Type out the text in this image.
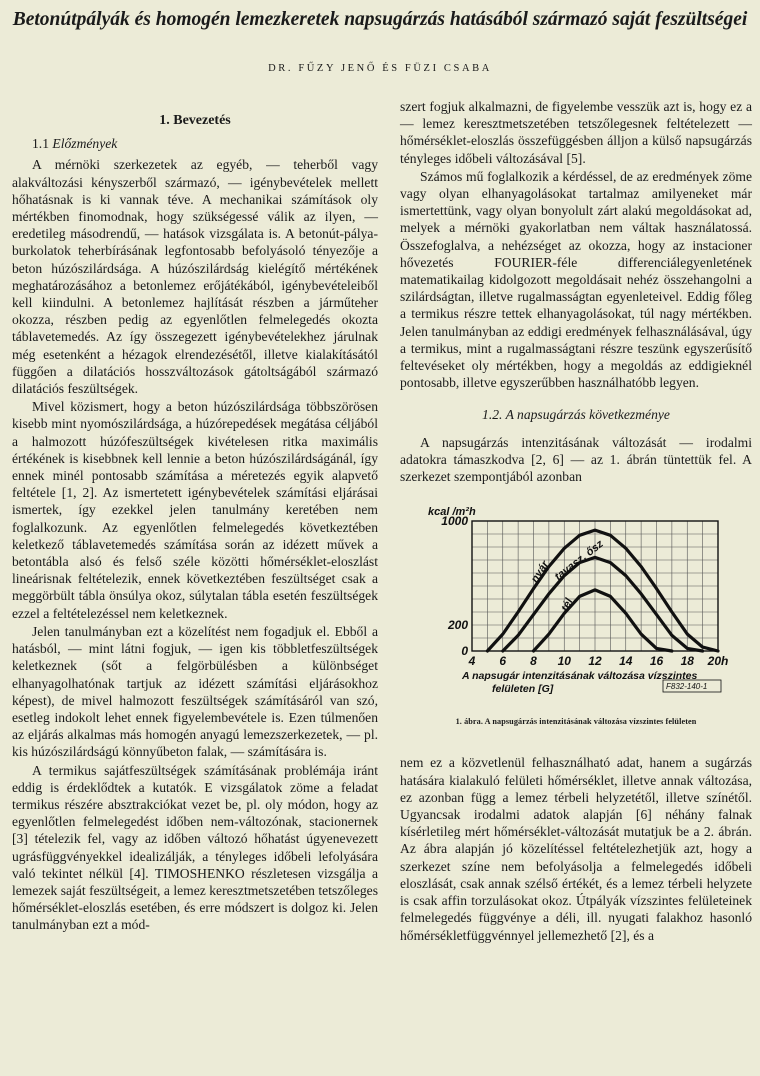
Betonútpályák és homogén lemezkeretek napsugárzás hatásából származó saját feszültségei
DR. FŰZY JENŐ ÉS FÜZI CSABA
1. Bevezetés
1.1 Előzmények

A mérnöki szerkezetek az egyéb, — teherből vagy alakváltozási kényszerből származó, — igénybevételek mellett hőhatásnak is ki vannak téve. A mechanikai számítások oly mértékben finomodnak, hogy szükségessé válik az ilyen, — eredetileg másodrendű, — hatások vizsgálata is. A betonút-pálya- burkolatok teherbírásának legfontosabb befolyásoló tényezője a beton húzószilárdsága. A húzószilárdság kielégítő mértékének meghatározásához a betonlemez erőjátékából, igénybevételeiből kell kiindulni. A betonlemez hajlítását részben a járműteher okozza, részben pedig az egyenlőtlen felmelegedés okozta táblavetemedés. Az így összegezett igénybevételekhez járulnak még esetenként a hézagok elrendezésétől, illetve kialakításától függően a dilatációs hosszváltozások gátoltságából származó dilatációs feszültségek.

Mivel közismert, hogy a beton húzószilárdsága többszörösen kisebb mint nyomószilárdsága, a húzórepedések megátása céljából a halmozott húzófeszültségek kivételesen ritka maximális értékének is kisebbnek kell lennie a beton húzószilárdságánál, így ennek minél pontosabb számítása a méretezés egyik alapvető feltétele [1, 2]. Az ismertetett igénybevételek számítási eljárásai ismertek, így ezekkel jelen tanulmány keretében nem foglalkozunk. Az egyenlőtlen felmelegedés következtében keletkező táblavetemedés számítása során az idézett művek a betontábla alsó és felső széle közötti hőmérséklet-eloszlást lineárisnak feltételezik, ennek következtében feszültséget csak a meggörbült tábla önsúlya okoz, súlytalan tábla esetén feszültségek ezzel a feltételezéssel nem keletkeznek.

Jelen tanulmányban ezt a közelítést nem fogadjuk el. Ebből a hatásból, — mint látni fogjuk, — igen kis többletfeszültségek keletkeznek (sőt a felgörbülésben a különbséget elhanyagolhatónak tartjuk az idézett számítási eljárásokhoz képest), de mivel halmozott feszültségek számításáról van szó, esetleg indokolt lehet ennek figyelembevétele is. Ezen túlmenően az eljárás alkalmas más homogén anyagú lemezszerkezetek, — pl. kis húzószilárdságú könnyűbeton falak, — számítására is.

A termikus sajátfeszültségek számításának problémája iránt eddig is érdeklődtek a kutatók. E vizsgálatok zöme a feladat termikus részére absztrakciókat vezet be, pl. oly módon, hogy az egyenlőtlen felmelegedést időben nem-változónak, stacionernek [3] tételezik fel, vagy az időben változó hőhatást úgyenevezett ugrásfüggvényekkel idealizálják, a tényleges időbeli lefolyására való tekintet nélkül [4]. TIMOSHENKO részletesen vizsgálja a lemezek saját feszültségeit, a lemez keresztmetszetében tetszőleges hőmérséklet-eloszlás esetében, és erre módszert is dolgoz ki. Jelen tanulmányban ezt a mód-

szert fogjuk alkalmazni, de figyelembe vesszük azt is, hogy ez a — lemez keresztmetszetében tetszőlegesnek feltételezett — hőmérséklet-eloszlás összefüggésben álljon a külső napsugárzás tényleges időbeli változásával [5].

Számos mű foglalkozik a kérdéssel, de az eredmények zöme vagy olyan elhanyagolásokat tartalmaz amilyeneket már ismertettünk, vagy olyan bonyolult zárt alakú megoldásokat ad, melyek a mérnöki gyakorlatban nem váltak használatossá. Összefoglalva, a nehézséget az okozza, hogy az instacioner hővezetés FOURIER-féle differenciálegyenletének matematikailag kidolgozott megoldásait nehéz összehangolni a szilárdságtan, illetve rugalmasságtan egyenleteivel. Eddig főleg a termikus részre tettek elhanyagolásokat, túl nagy mértékben. Jelen tanulmányban az eddigi eredmények felhasználásával, úgy a termikus, mint a rugalmasságtani részre teszünk egyszerűsítő feltevéseket oly mértékben, hogy a megoldás az eddigieknél pontosabb, illetve egyszerűbben használhatóbb legyen.

1.2. A napsugárzás következménye

A napsugárzás intenzitásának változását — irodalmi adatokra támaszkodva [2, 6] — az 1. ábrán tüntettük fel. A szerkezet szempontjából azonban

0
200
1000
4 6 8 10 12 14 16 18 20h
kcal /m²h
A napsugár intenzitásának változása vízszintes
felületen [G]	F832-140-1
nyár tavasz, ősz
tél
1. ábra. A napsugárzás intenzitásának változása vízszintes felületen

nem ez a közvetlenül felhasználható adat, hanem a sugárzás hatására kialakuló felületi hőmérséklet, illetve annak változása, ez azonban függ a lemez térbeli helyzetétől, illetve színétől. Ugyancsak irodalmi adatok alapján [6] néhány falnak kísérletileg mért hőmérséklet-változását mutatjuk be a 2. ábrán. Az ábra alapján jó közelítéssel feltételezhetjük azt, hogy a szerkezet színe nem befolyásolja a felmelegedés időbeli eloszlását, csak annak szélső értékét, és a lemez térbeli helyzete is csak affin torzulásokat okoz. Útpályák vízszintes felületeinek felmelegedés függvénye a déli, ill. nyugati falakhoz hasonló hőmérsékletfüggvénnyel jellemezhető [2], és a
